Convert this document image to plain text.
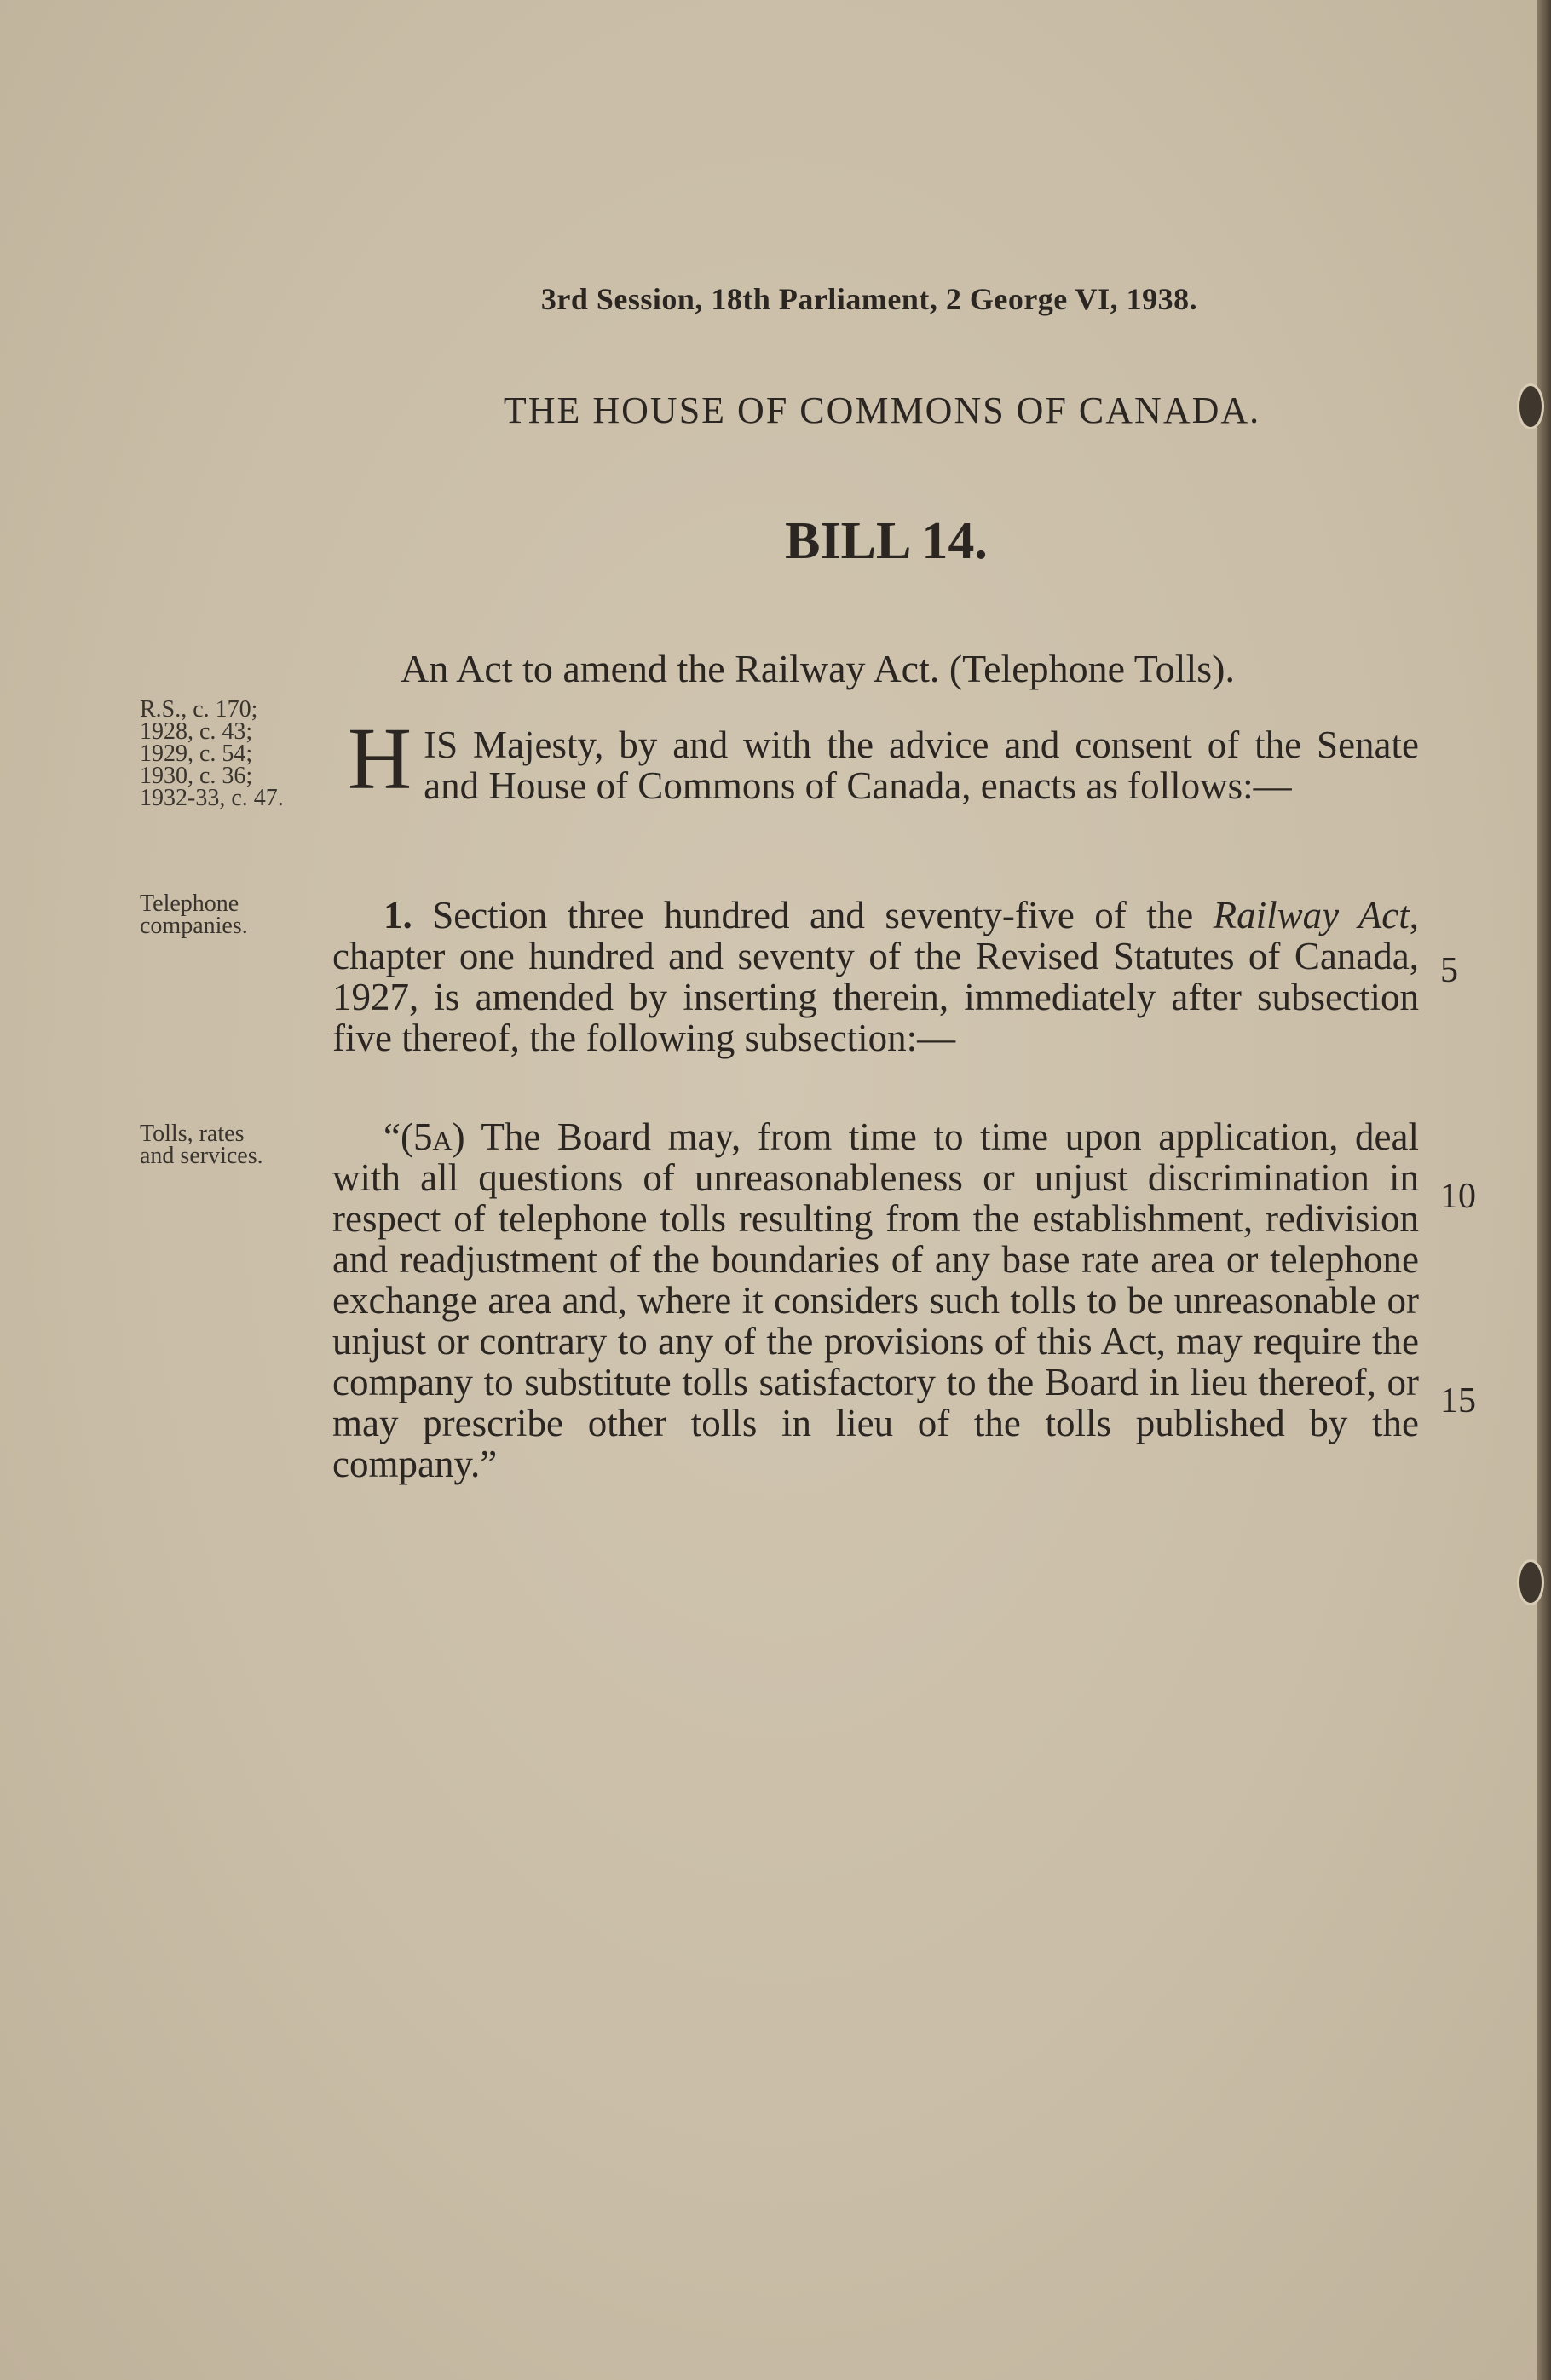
3rd Session, 18th Parliament, 2 George VI, 1938.
THE HOUSE OF COMMONS OF CANADA.
BILL 14.
An Act to amend the Railway Act. (Telephone Tolls).
R.S., c. 170;
1928, c. 43;
1929, c. 54;
1930, c. 36;
1932-33, c. 47.
Telephone
companies.
Tolls, rates
and services.
HIS Majesty, by and with the advice and consent of the Senate and House of Commons of Canada, enacts as follows:—
1. Section three hundred and seventy-five of the Railway Act, chapter one hundred and seventy of the Revised Statutes of Canada, 1927, is amended by inserting therein, immediately after subsection five thereof, the following subsection:—
“(5a) The Board may, from time to time upon application, deal with all questions of unreasonableness or unjust discrimination in respect of telephone tolls resulting from the establishment, redivision and readjustment of the boundaries of any base rate area or telephone exchange area and, where it considers such tolls to be unreasonable or unjust or contrary to any of the provisions of this Act, may require the company to substitute tolls satisfactory to the Board in lieu thereof, or may prescribe other tolls in lieu of the tolls published by the company.”
5
10
15
